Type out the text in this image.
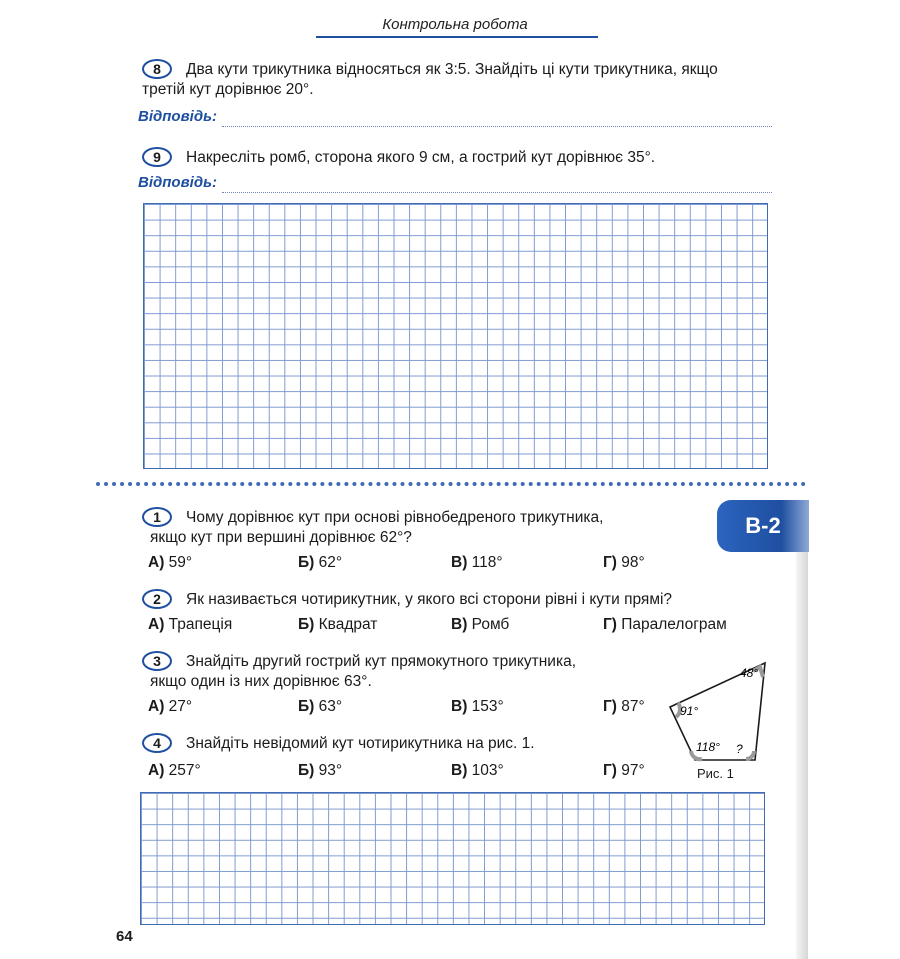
Контрольна робота
8	Два кути трикутника відносяться як 3:5. Знайдіть ці кути трикутника, якщо
третій кут дорівнює 20°.
Відповідь:
9	Накресліть ромб, сторона якого 9 см, а гострий кут дорівнює 35°.
Відповідь:
В-2
1	Чому дорівнює кут при основі рівнобедреного трикутника,
якщо кут при вершині дорівнює 62°?
А) 59°	Б) 62°	В) 118°	Г) 98°
2	Як називається чотирикутник, у якого всі сторони рівні і кути прямі?
А) Трапеція	Б) Квадрат	В) Ромб	Г) Паралелограм
3	Знайдіть другий гострий кут прямокутного трикутника,
якщо один із них дорівнює 63°.
А) 27°	Б) 63°	В) 153°	Г) 87°
4	Знайдіть невідомий кут чотирикутника на рис. 1.
А) 257°	Б) 93°	В) 103°	Г) 97°
48°
91°
118° ?
Рис. 1
64
